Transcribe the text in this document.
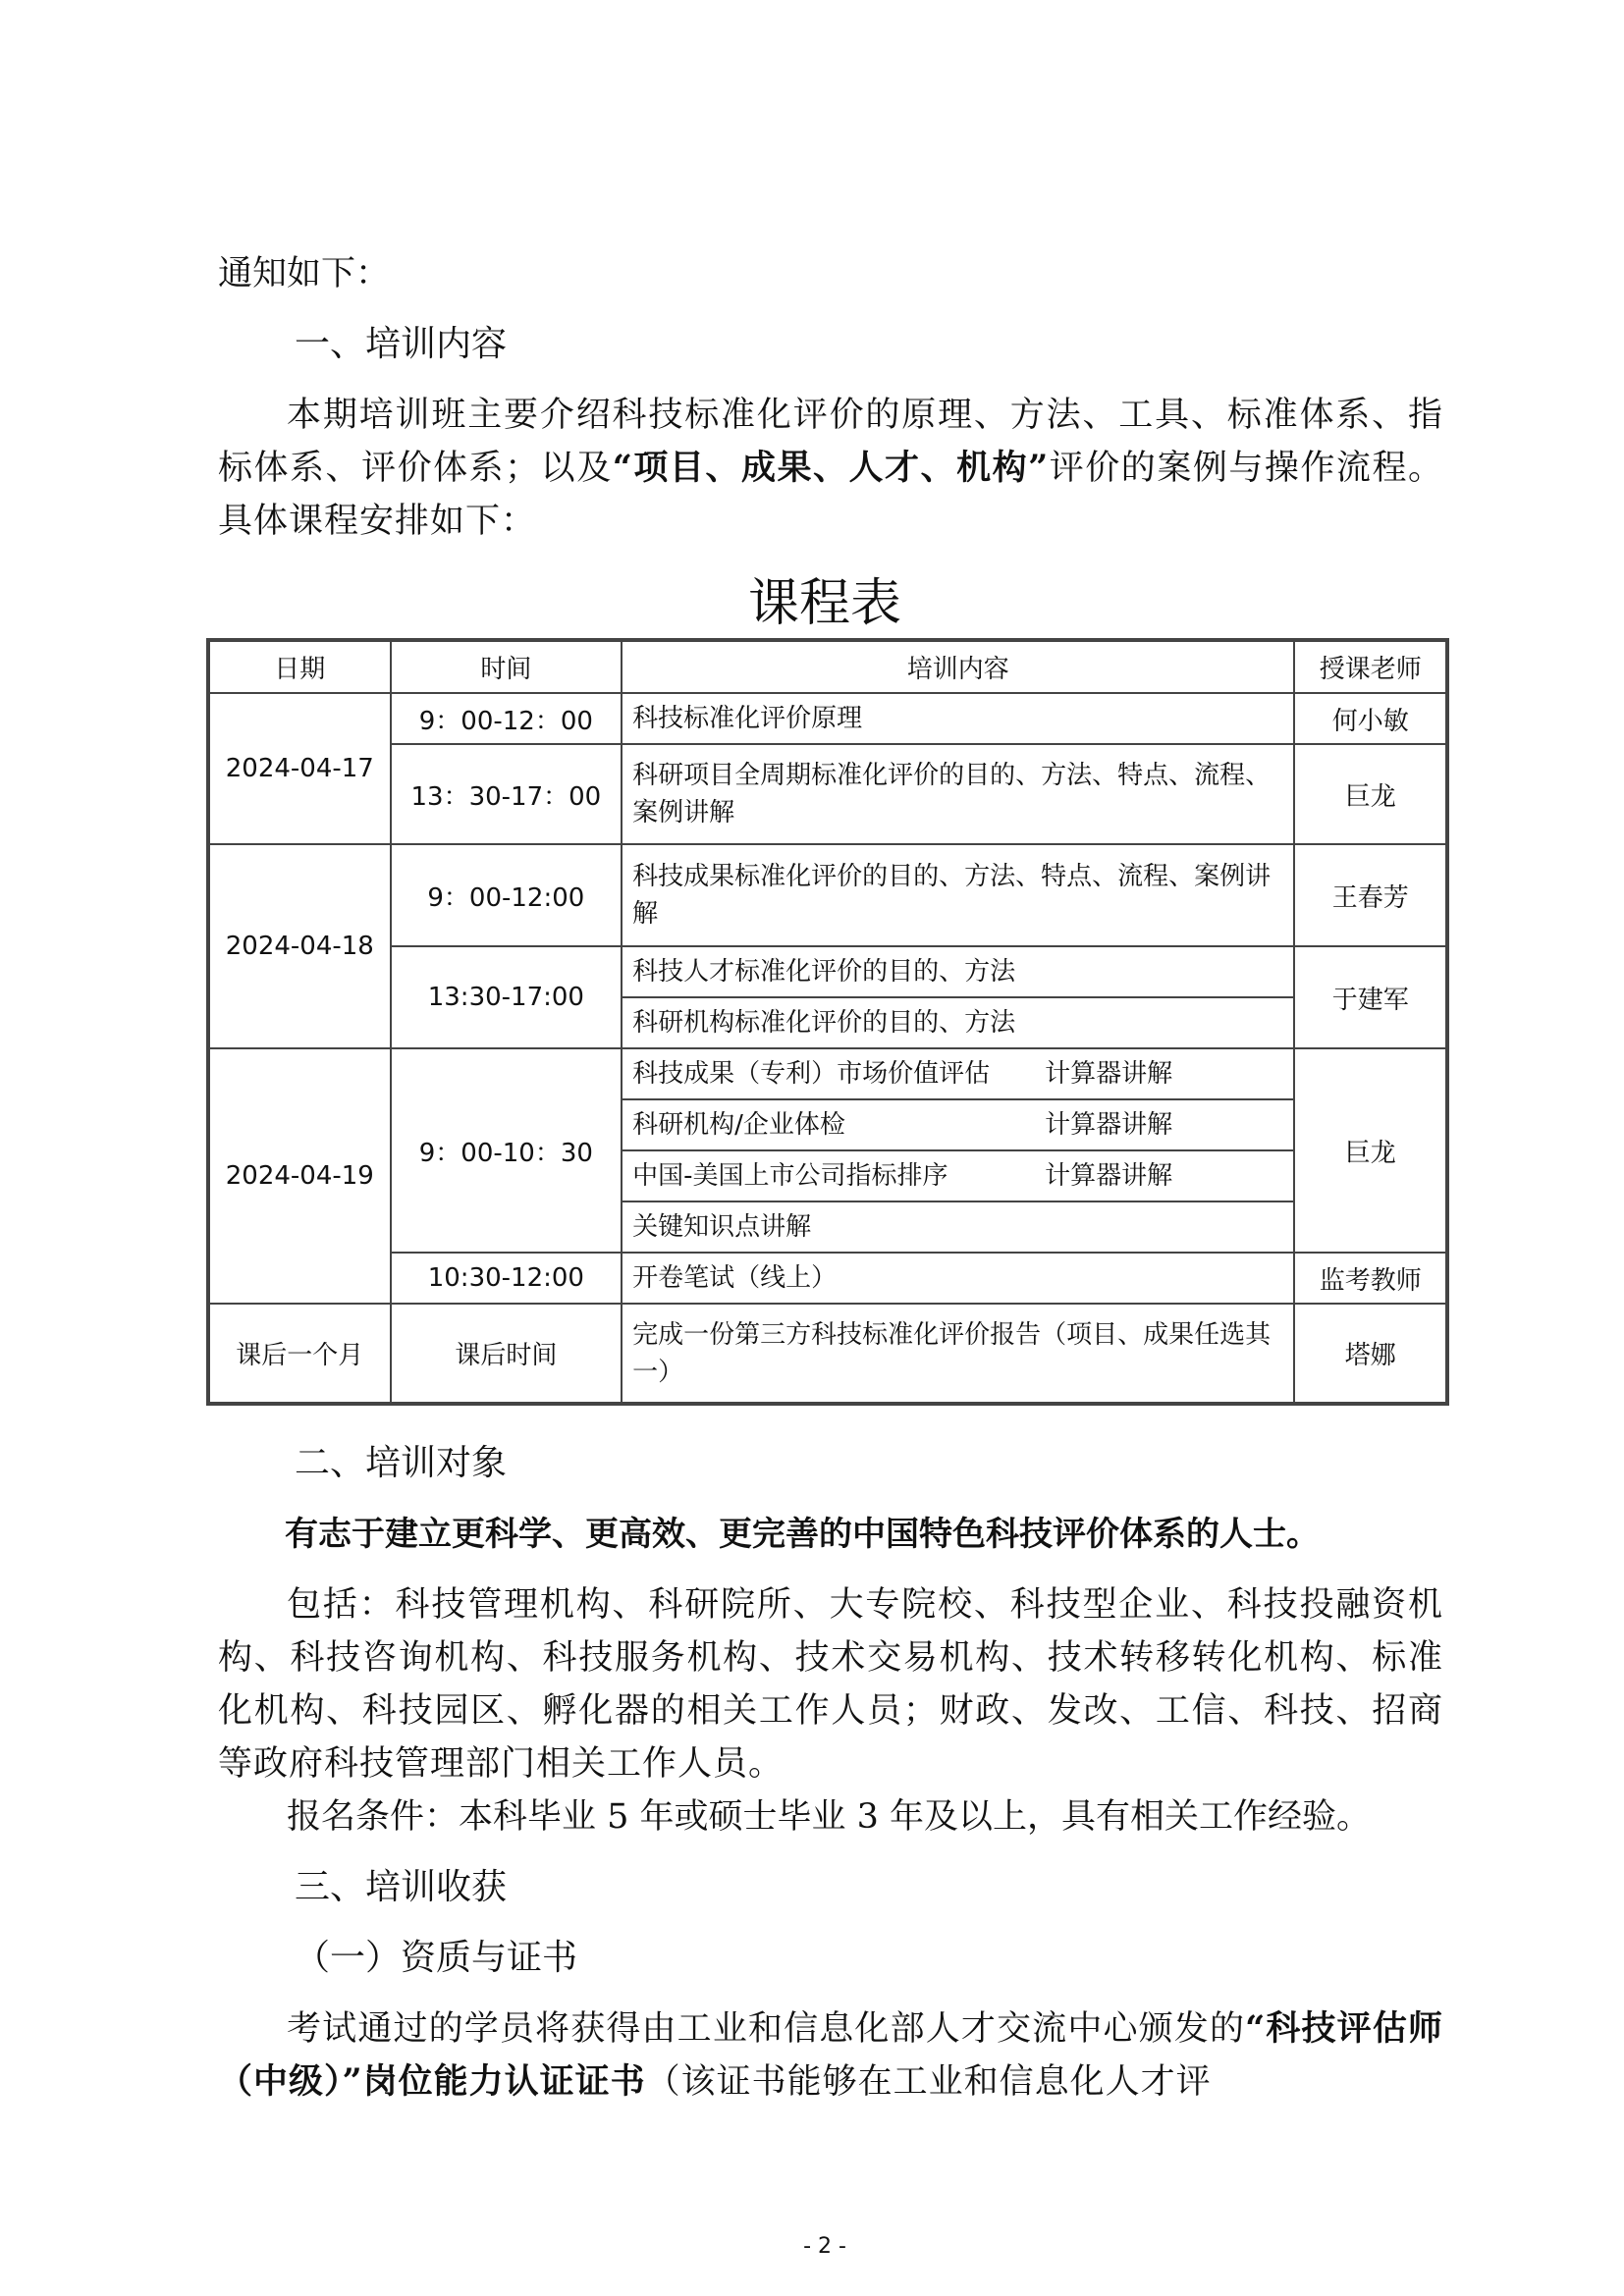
通知如下：
一、培训内容
本期培训班主要介绍科技标准化评价的原理、方法、工具、标准体系、指标体系、评价体系；以及“项目、成果、人才、机构”评价的案例与操作流程。具体课程安排如下：
课程表
日期	时间	培训内容	授课老师
2024-04-17	9：00-12：00	科技标准化评价原理	何小敏
	13：30-17：00	科研项目全周期标准化评价的目的、方法、特点、流程、案例讲解	巨龙
2024-04-18	9：00-12:00	科技成果标准化评价的目的、方法、特点、流程、案例讲解	王春芳
	13:30-17:00	科技人才标准化评价的目的、方法	于建军
		科研机构标准化评价的目的、方法	
2024-04-19	9：00-10：30	科技成果（专利）市场价值评估 计算器讲解	巨龙
		科研机构/企业体检 计算器讲解	

		中国-美国上市公司指标排序 计算器讲解	

		关键知识点讲解	

	10:30-12:00	开卷笔试（线上）	监考教师
课后一个月	课后时间	完成一份第三方科技标准化评价报告（项目、成果任选其一）	塔娜
二、培训对象
有志于建立更科学、更高效、更完善的中国特色科技评价体系的人士。
包括：科技管理机构、科研院所、大专院校、科技型企业、科技投融资机构、科技咨询机构、科技服务机构、技术交易机构、技术转移转化机构、标准化机构、科技园区、孵化器的相关工作人员；财政、发改、工信、科技、招商等政府科技管理部门相关工作人员。
报名条件：本科毕业 5 年或硕士毕业 3 年及以上，具有相关工作经验。
三、培训收获
（一）资质与证书
考试通过的学员将获得由工业和信息化部人才交流中心颁发的“科技评估师（中级）”岗位能力认证证书（该证书能够在工业和信息化人才评
- 2 -
